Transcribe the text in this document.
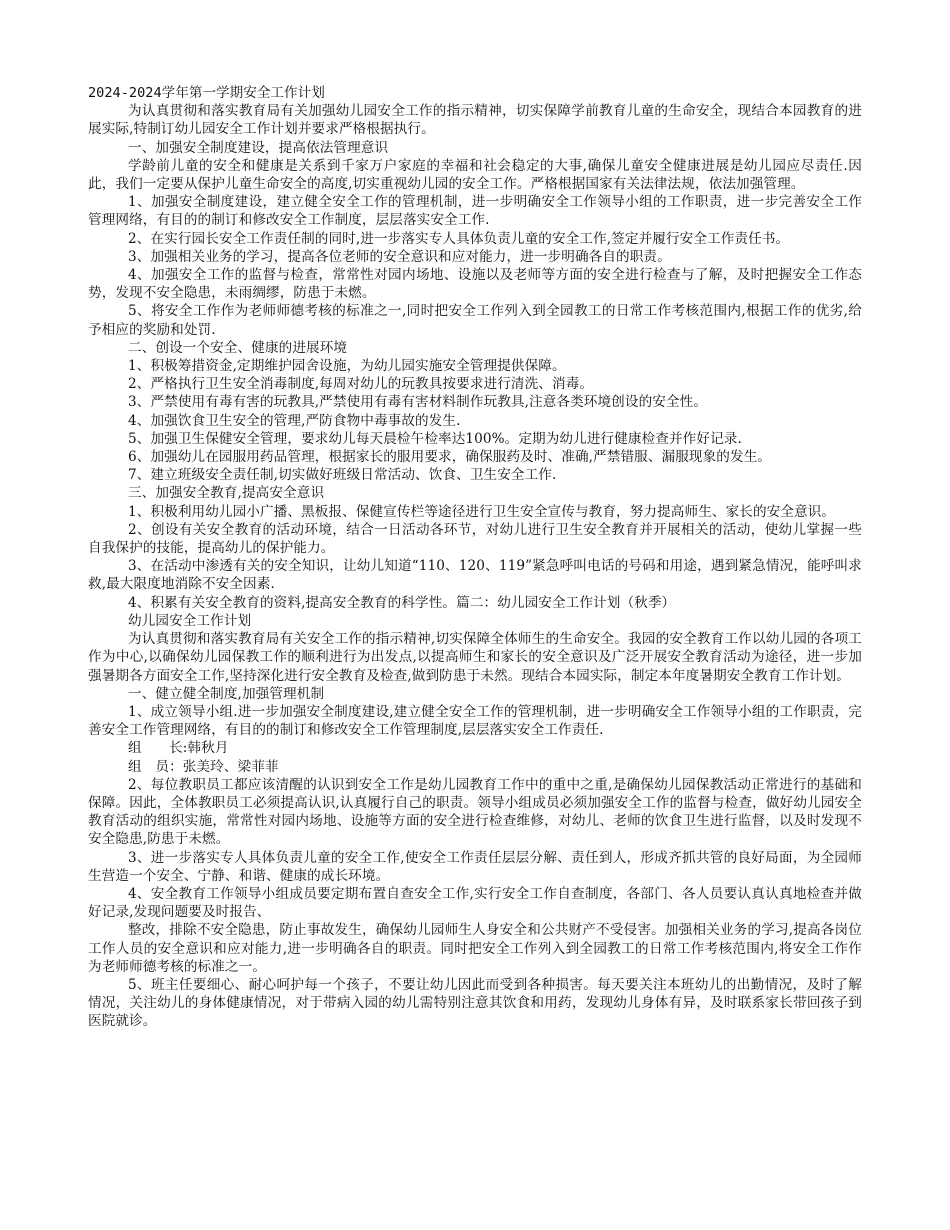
2024-2024学年第一学期安全工作计划

为认真贯彻和落实教育局有关加强幼儿园安全工作的指示精神，切实保障学前教育儿童的生命安全，现结合本园教育的进展实际,特制订幼儿园安全工作计划并要求严格根据执行。

一、加强安全制度建设，提高依法管理意识

学龄前儿童的安全和健康是关系到千家万户家庭的幸福和社会稳定的大事,确保儿童安全健康进展是幼儿园应尽责任.因此，我们一定要从保护儿童生命安全的高度,切实重视幼儿园的安全工作。严格根据国家有关法律法规，依法加强管理。

1、加强安全制度建设，建立健全安全工作的管理机制，进一步明确安全工作领导小组的工作职责，进一步完善安全工作管理网络，有目的的制订和修改安全工作制度，层层落实安全工作.

2、在实行园长安全工作责任制的同时,进一步落实专人具体负责儿童的安全工作,签定并履行安全工作责任书。

3、加强相关业务的学习，提高各位老师的安全意识和应对能力，进一步明确各自的职责。

4、加强安全工作的监督与检查，常常性对园内场地、设施以及老师等方面的安全进行检查与了解，及时把握安全工作态势，发现不安全隐患，未雨绸缪，防患于未燃。

5、将安全工作作为老师师德考核的标准之一,同时把安全工作列入到全园教工的日常工作考核范围内,根据工作的优劣,给予相应的奖励和处罚.

二、创设一个安全、健康的进展环境

1、积极筹措资金,定期维护园舍设施，为幼儿园实施安全管理提供保障。

2、严格执行卫生安全消毒制度,每周对幼儿的玩教具按要求进行清洗、消毒。

3、严禁使用有毒有害的玩教具,严禁使用有毒有害材料制作玩教具,注意各类环境创设的安全性。

4、加强饮食卫生安全的管理,严防食物中毒事故的发生.

5、加强卫生保健安全管理，要求幼儿每天晨检午检率达100%。定期为幼儿进行健康检查并作好记录.

6、加强幼儿在园服用药品管理，根据家长的服用要求，确保服药及时、准确,严禁错服、漏服现象的发生。

7、建立班级安全责任制,切实做好班级日常活动、饮食、卫生安全工作.

三、加强安全教育,提高安全意识

1、积极利用幼儿园小广播、黑板报、保健宣传栏等途径进行卫生安全宣传与教育，努力提高师生、家长的安全意识。

2、创设有关安全教育的活动环境，结合一日活动各环节，对幼儿进行卫生安全教育并开展相关的活动，使幼儿掌握一些自我保护的技能，提高幼儿的保护能力。

3、在活动中渗透有关的安全知识，让幼儿知道“110、120、119”紧急呼叫电话的号码和用途，遇到紧急情况，能呼叫求救,最大限度地消除不安全因素.

4、积累有关安全教育的资料,提高安全教育的科学性。篇二：幼儿园安全工作计划（秋季）

幼儿园安全工作计划

为认真贯彻和落实教育局有关安全工作的指示精神,切实保障全体师生的生命安全。我园的安全教育工作以幼儿园的各项工作为中心,以确保幼儿园保教工作的顺利进行为出发点,以提高师生和家长的安全意识及广泛开展安全教育活动为途径，进一步加强暑期各方面安全工作,坚持深化进行安全教育及检查,做到防患于未然。现结合本园实际，制定本年度暑期安全教育工作计划。

一、健立健全制度,加强管理机制

1、成立领导小组.进一步加强安全制度建设,建立健全安全工作的管理机制，进一步明确安全工作领导小组的工作职责，完善安全工作管理网络，有目的的制订和修改安全工作管理制度,层层落实安全工作责任.

组　　长:韩秋月

组　员：张美玲、梁菲菲

2、每位教职员工都应该清醒的认识到安全工作是幼儿园教育工作中的重中之重,是确保幼儿园保教活动正常进行的基础和保障。因此，全体教职员工必须提高认识,认真履行自己的职责。领导小组成员必须加强安全工作的监督与检查，做好幼儿园安全教育活动的组织实施，常常性对园内场地、设施等方面的安全进行检查维修，对幼儿、老师的饮食卫生进行监督，以及时发现不安全隐患,防患于未燃。

3、进一步落实专人具体负责儿童的安全工作,使安全工作责任层层分解、责任到人，形成齐抓共管的良好局面，为全园师生营造一个安全、宁静、和谐、健康的成长环境。

4、安全教育工作领导小组成员要定期布置自查安全工作,实行安全工作自查制度，各部门、各人员要认真认真地检查并做好记录,发现问题要及时报告、

整改，排除不安全隐患，防止事故发生，确保幼儿园师生人身安全和公共财产不受侵害。加强相关业务的学习,提高各岗位工作人员的安全意识和应对能力,进一步明确各自的职责。同时把安全工作列入到全园教工的日常工作考核范围内,将安全工作作为老师师德考核的标准之一。

5、班主任要细心、耐心呵护每一个孩子，不要让幼儿因此而受到各种损害。每天要关注本班幼儿的出勤情况，及时了解情况，关注幼儿的身体健康情况，对于带病入园的幼儿需特别注意其饮食和用药，发现幼儿身体有异，及时联系家长带回孩子到医院就诊。
